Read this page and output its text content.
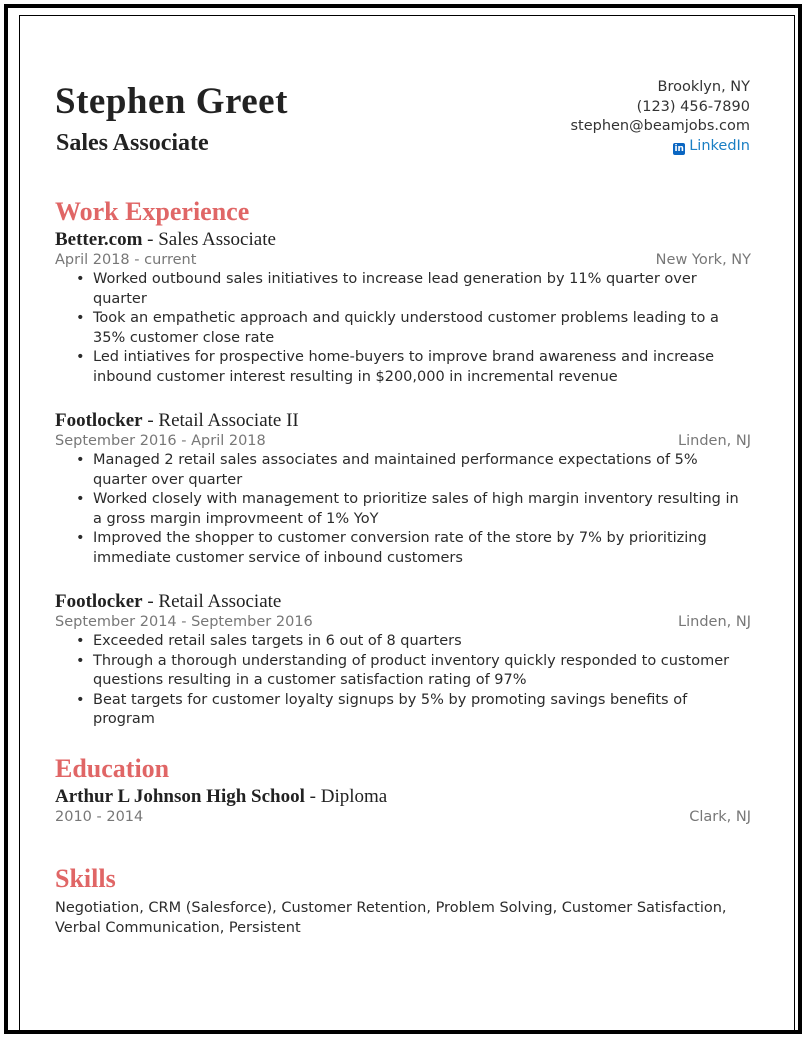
Stephen Greet
Sales Associate
Brooklyn, NY
(123) 456-7890
stephen@beamjobs.com
in LinkedIn
Work Experience
Better.com - Sales Associate
April 2018 - current	New York, NY
• Worked outbound sales initiatives to increase lead generation by 11% quarter over quarter
• Took an empathetic approach and quickly understood customer problems leading to a 35% customer close rate
• Led intiatives for prospective home-buyers to improve brand awareness and increase inbound customer interest resulting in $200,000 in incremental revenue
Footlocker - Retail Associate II
September 2016 - April 2018	Linden, NJ
• Managed 2 retail sales associates and maintained performance expectations of 5% quarter over quarter
• Worked closely with management to prioritize sales of high margin inventory resulting in a gross margin improvmeent of 1% YoY
• Improved the shopper to customer conversion rate of the store by 7% by prioritizing immediate customer service of inbound customers
Footlocker - Retail Associate
September 2014 - September 2016	Linden, NJ
• Exceeded retail sales targets in 6 out of 8 quarters
• Through a thorough understanding of product inventory quickly responded to customer questions resulting in a customer satisfaction rating of 97%
• Beat targets for customer loyalty signups by 5% by promoting savings benefits of program
Education
Arthur L Johnson High School - Diploma
2010 - 2014	Clark, NJ
Skills
Negotiation, CRM (Salesforce), Customer Retention, Problem Solving, Customer Satisfaction, Verbal Communication, Persistent
